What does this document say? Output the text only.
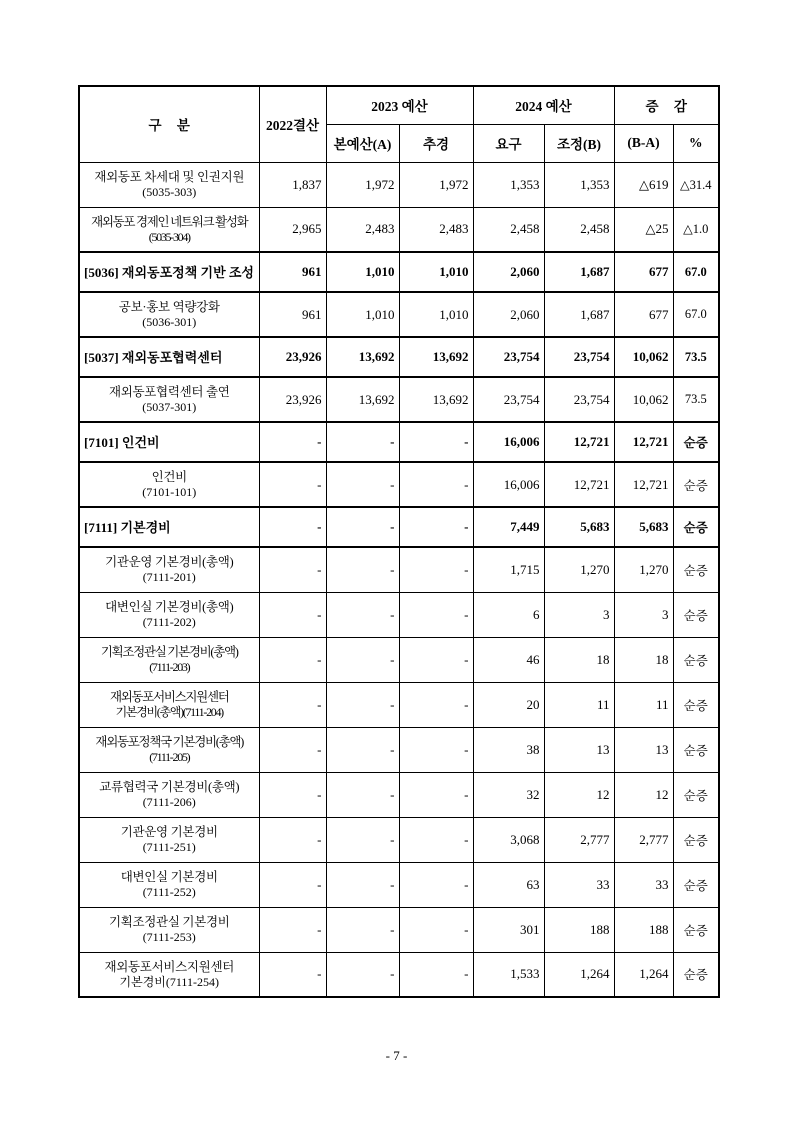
구 분	2022결산	2023 예산		2024 예산		증 감	
		본예산(A)	추경	요구	조정(B)	(B-A)	%

재외동포 차세대 및 인권지원
(5035-303)	1,837	1,972	1,972	1,353	1,353	△619	△31.4

재외동포 경제인 네트워크 활성화
(5035-304)	2,965	2,483	2,483	2,458	2,458	△25	△1.0

[5036] 재외동포정책 기반 조성	961	1,010	1,010	2,060	1,687	677	67.0

공보·홍보 역량강화
(5036-301)	961	1,010	1,010	2,060	1,687	677	67.0

[5037] 재외동포협력센터	23,926	13,692	13,692	23,754	23,754	10,062	73.5

재외동포협력센터 출연
(5037-301)	23,926	13,692	13,692	23,754	23,754	10,062	73.5

[7101] 인건비	-	-	-	16,006	12,721	12,721	순증

인건비
(7101-101)	-	-	-	16,006	12,721	12,721	순증

[7111] 기본경비	-	-	-	7,449	5,683	5,683	순증

기관운영 기본경비(총액)
(7111-201)	-	-	-	1,715	1,270	1,270	순증

대변인실 기본경비(총액)
(7111-202)	-	-	-	6	3	3	순증

기획조정관실 기본경비(총액)
(7111-203)	-	-	-	46	18	18	순증

재외동포서비스지원센터
기본경비(총액)(7111-204)	-	-	-	20	11	11	순증

재외동포정책국 기본경비(총액)
(7111-205)	-	-	-	38	13	13	순증

교류협력국 기본경비(총액)
(7111-206)	-	-	-	32	12	12	순증

기관운영 기본경비
(7111-251)	-	-	-	3,068	2,777	2,777	순증

대변인실 기본경비
(7111-252)	-	-	-	63	33	33	순증

기획조정관실 기본경비
(7111-253)	-	-	-	301	188	188	순증

재외동포서비스지원센터
기본경비(7111-254)	-	-	-	1,533	1,264	1,264	순증
- 7 -
